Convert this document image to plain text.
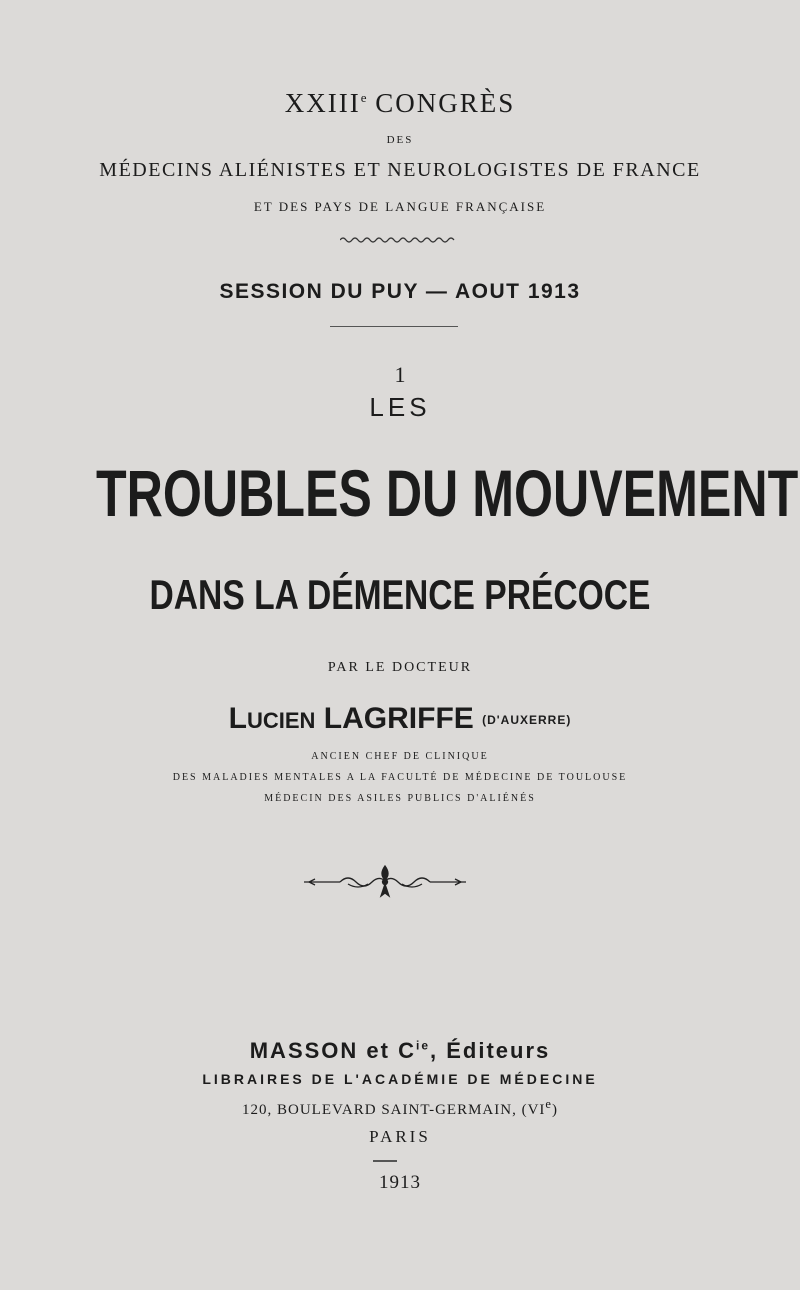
XXIIIe CONGRÈS
DES
MÉDECINS ALIÉNISTES ET NEUROLOGISTES DE FRANCE
ET DES PAYS DE LANGUE FRANÇAISE
SESSION DU PUY — AOUT 1913
1
LES
TROUBLES DU MOUVEMENT
DANS LA DÉMENCE PRÉCOCE
PAR LE DOCTEUR
LUCIEN LAGRIFFE (D'AUXERRE)
ANCIEN CHEF DE CLINIQUE
DES MALADIES MENTALES A LA FACULTÉ DE MÉDECINE DE TOULOUSE
MÉDECIN DES ASILES PUBLICS D'ALIÉNÉS
MASSON et $C^{ie}$, Éditeurs
LIBRAIRES DE L'ACADÉMIE DE MÉDECINE
120, BOULEVARD SAINT-GERMAIN, (VIe)
PARIS
1913
